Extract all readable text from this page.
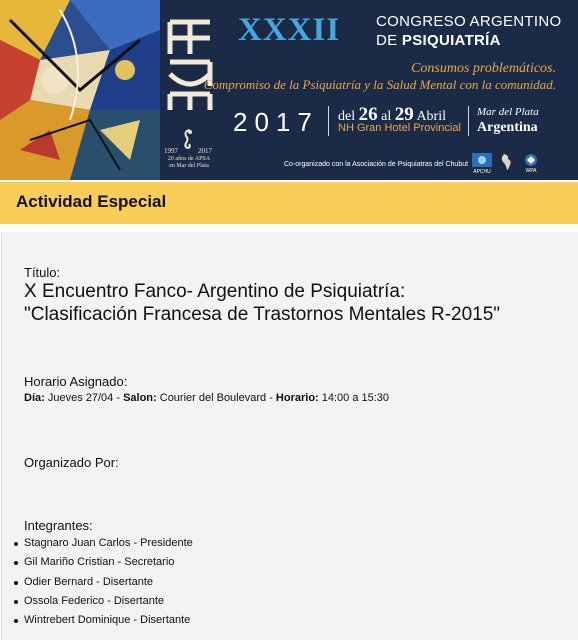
1997	2017
20 años de APSA
en Mar del Plata
XXXII CONGRESO ARGENTINO
DE PSIQUIATRÍA
Consumos problemáticos.
Compromiso de la Psiquiatría y la Salud Mental con la comunidad.
2017 del 26 al 29 Abril
NH Gran Hotel Provincial
Mar del Plata
Argentina
Co-organizado con la Asociación de Psiquiatras del Chubut
APCHU	WPA
Actividad Especial
Título:
X Encuentro Fanco- Argentino de Psiquiatría:
"Clasificación Francesa de Trastornos Mentales R-2015"
Horario Asignado:
Día: Jueves 27/04 - Salon: Courier del Boulevard - Horario: 14:00 a 15:30
Organizado Por:
Integrantes:
Stagnaro Juan Carlos - Presidente
Gil Mariño Cristian - Secretario
Odier Bernard - Disertante
Ossola Federico - Disertante
Wintrebert Dominique - Disertante
